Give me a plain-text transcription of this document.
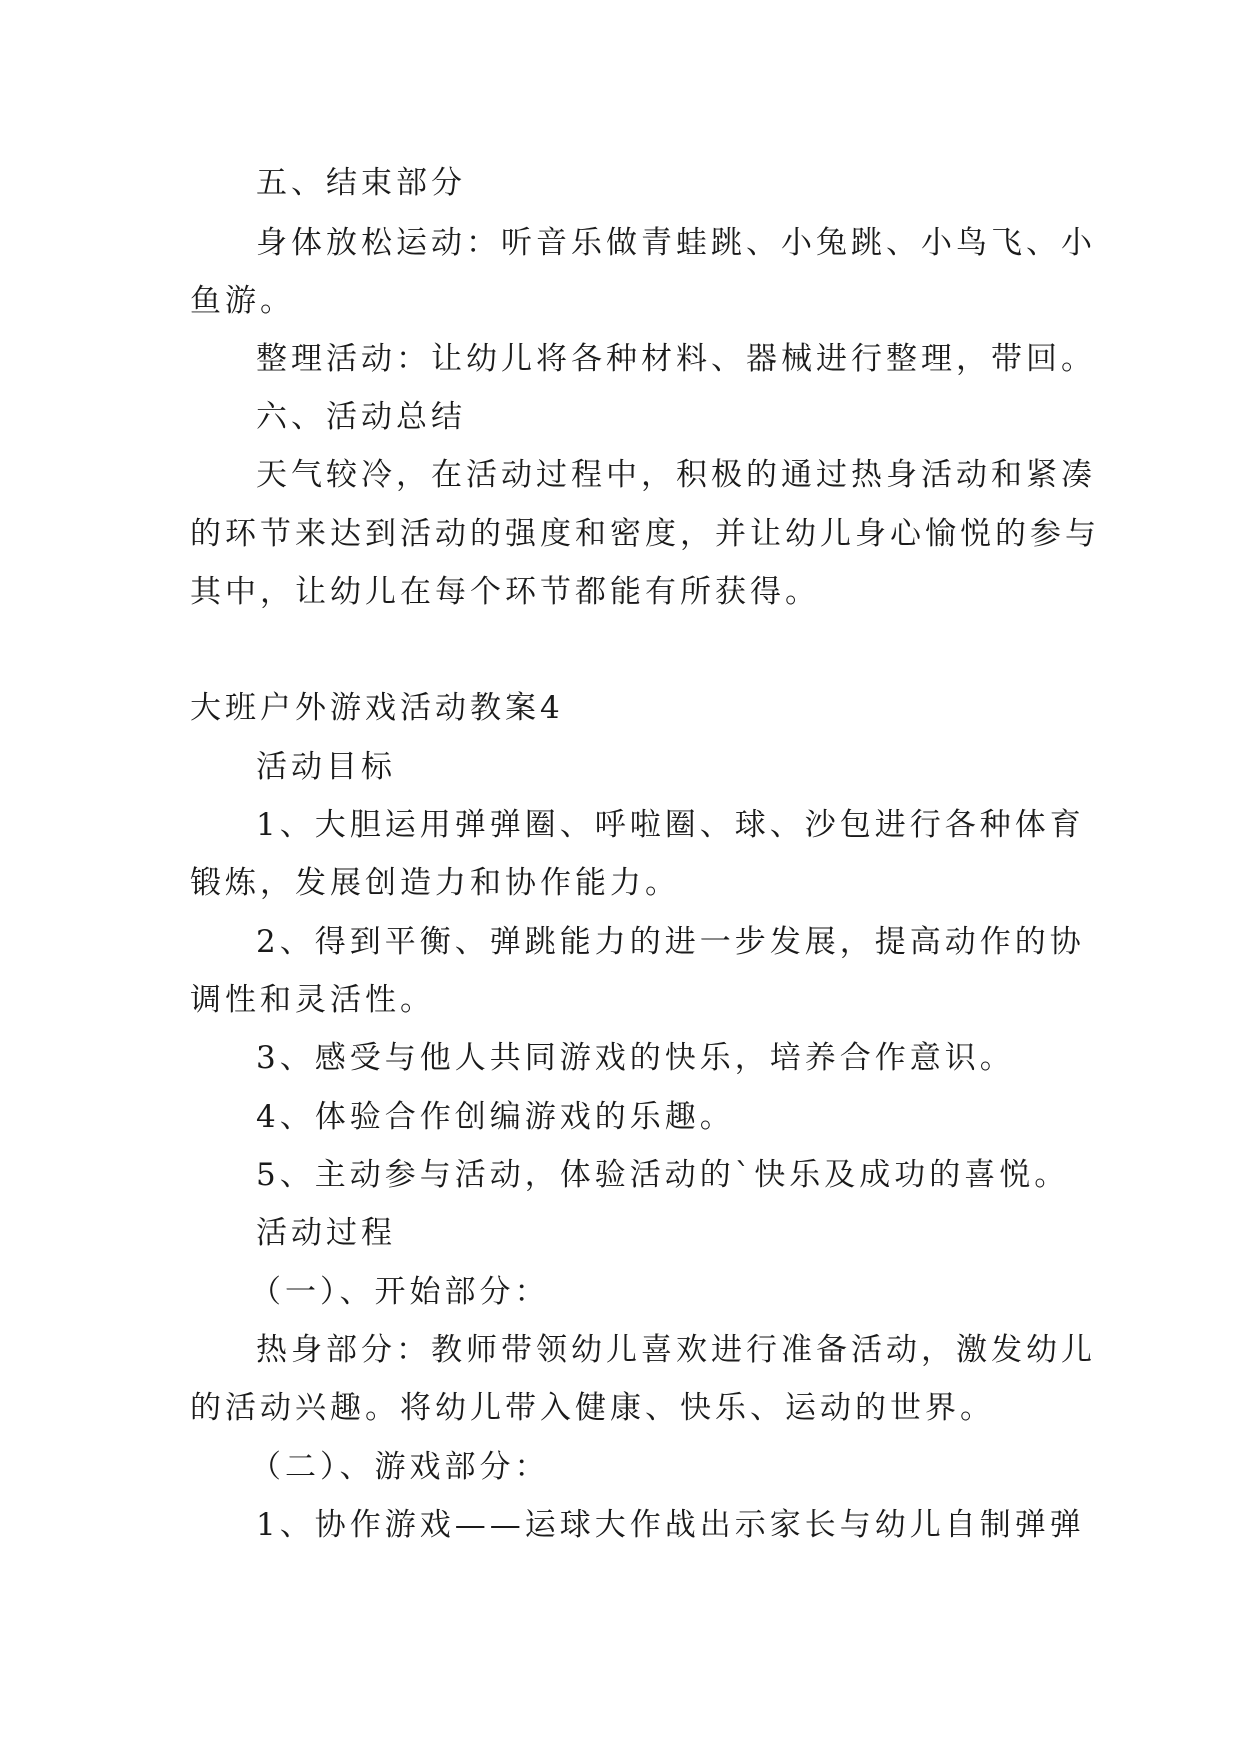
五、结束部分

身体放松运动：听音乐做青蛙跳、小兔跳、小鸟飞、小

鱼游。

整理活动：让幼儿将各种材料、器械进行整理，带回。

六、活动总结

天气较冷，在活动过程中，积极的通过热身活动和紧凑

的环节来达到活动的强度和密度，并让幼儿身心愉悦的参与

其中，让幼儿在每个环节都能有所获得。

大班户外游戏活动教案4

活动目标

1、大胆运用弹弹圈、呼啦圈、球、沙包进行各种体育

锻炼，发展创造力和协作能力。

2、得到平衡、弹跳能力的进一步发展，提高动作的协

调性和灵活性。

3、感受与他人共同游戏的快乐，培养合作意识。

4、体验合作创编游戏的乐趣。

5、主动参与活动，体验活动的`快乐及成功的喜悦。

活动过程

（一）、开始部分：

热身部分：教师带领幼儿喜欢进行准备活动，激发幼儿

的活动兴趣。将幼儿带入健康、快乐、运动的世界。

（二）、游戏部分：

1、协作游戏——运球大作战出示家长与幼儿自制弹弹
